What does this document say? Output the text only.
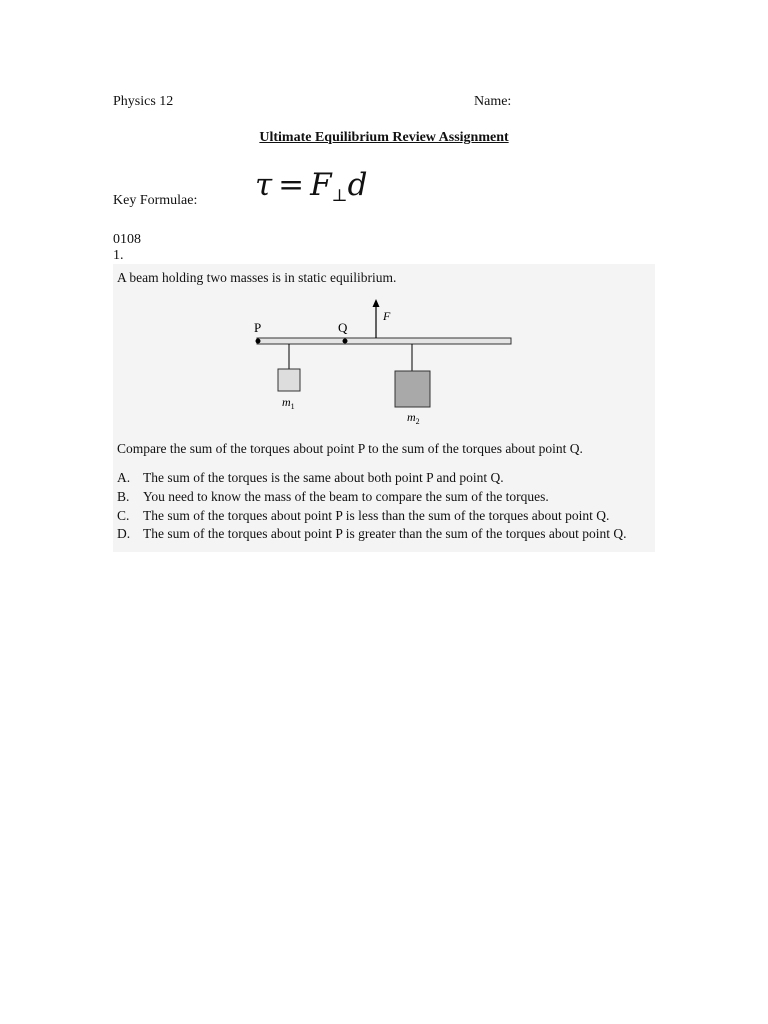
Physics 12	Name:
Ultimate Equilibrium Review Assignment
Key Formulae: τ = F⊥d
0108
1.
A beam holding two masses is in static equilibrium.
P	Q
F
$m_1$
$m_2$
Compare the sum of the torques about point P to the sum of the torques about point Q.
A. The sum of the torques is the same about both point P and point Q.
B. You need to know the mass of the beam to compare the sum of the torques.
C. The sum of the torques about point P is less than the sum of the torques about point Q.
D. The sum of the torques about point P is greater than the sum of the torques about point Q.
